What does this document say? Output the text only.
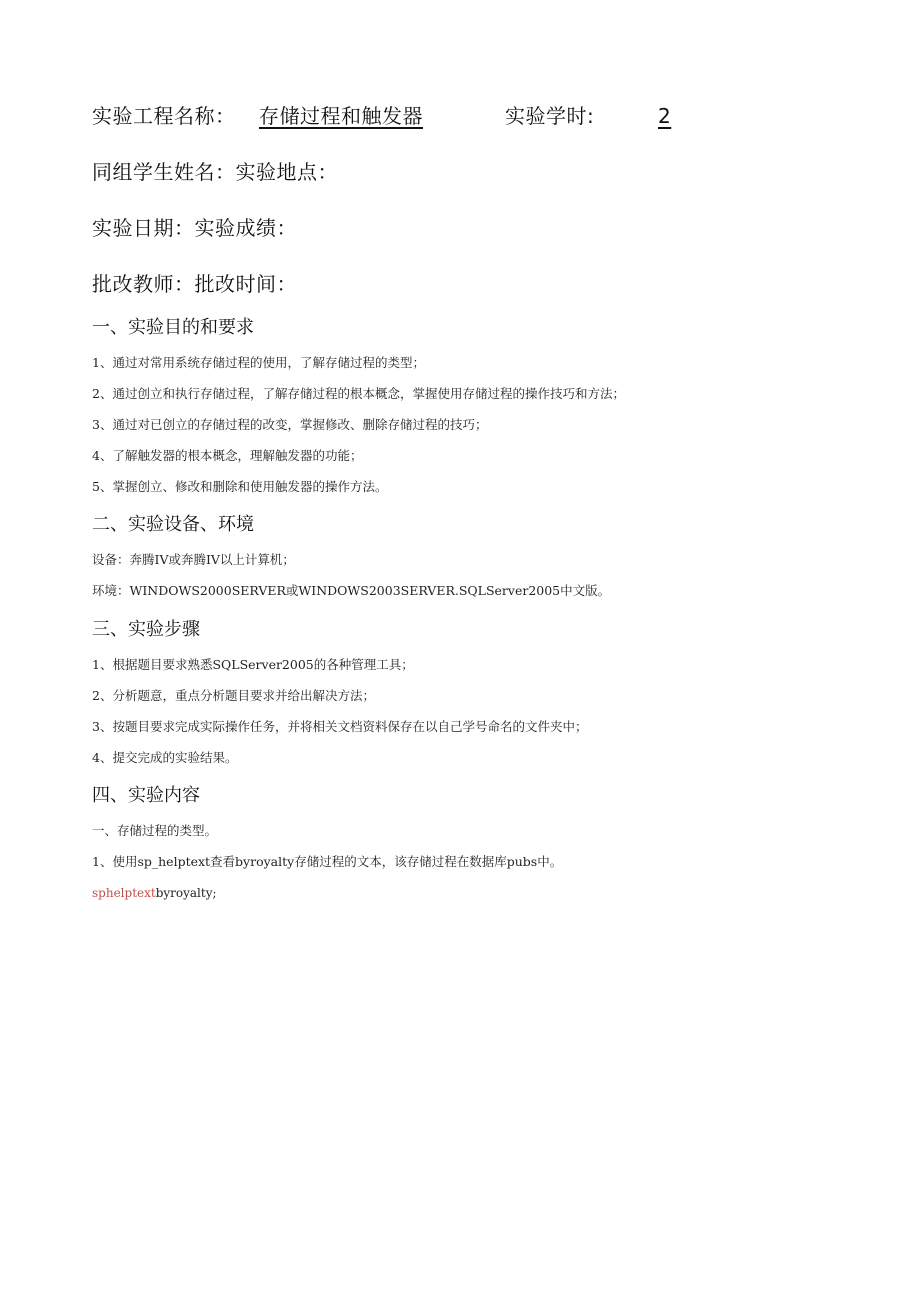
实验工程名称： 存储过程和触发器	实验学时:	2
同组学生姓名：实验地点：
实验日期：实验成绩：
批改教师：批改时间：
一、实验目的和要求
1、通过对常用系统存储过程的使用，了解存储过程的类型；
2、通过创立和执行存储过程，了解存储过程的根本概念，掌握使用存储过程的操作技巧和方法；
3、通过对已创立的存储过程的改变，掌握修改、删除存储过程的技巧；
4、了解触发器的根本概念，理解触发器的功能；
5、掌握创立、修改和删除和使用触发器的操作方法。
二、实验设备、环境
设备：奔腾IV或奔腾IV以上计算机；
环境：WINDOWS2000SERVER或WINDOWS2003SERVER.SQLServer2005中文版。
三、实验步骤
1、根据题目要求熟悉SQLServer2005的各种管理工具；
2、分析题意，重点分析题目要求并给出解决方法；
3、按题目要求完成实际操作任务，并将相关文档资料保存在以自己学号命名的文件夹中；
4、提交完成的实验结果。
四、实验内容
一、存储过程的类型。
1、使用sp_helptext查看byroyalty存储过程的文本，该存储过程在数据库pubs中。
sphelptextbyroyalty;
